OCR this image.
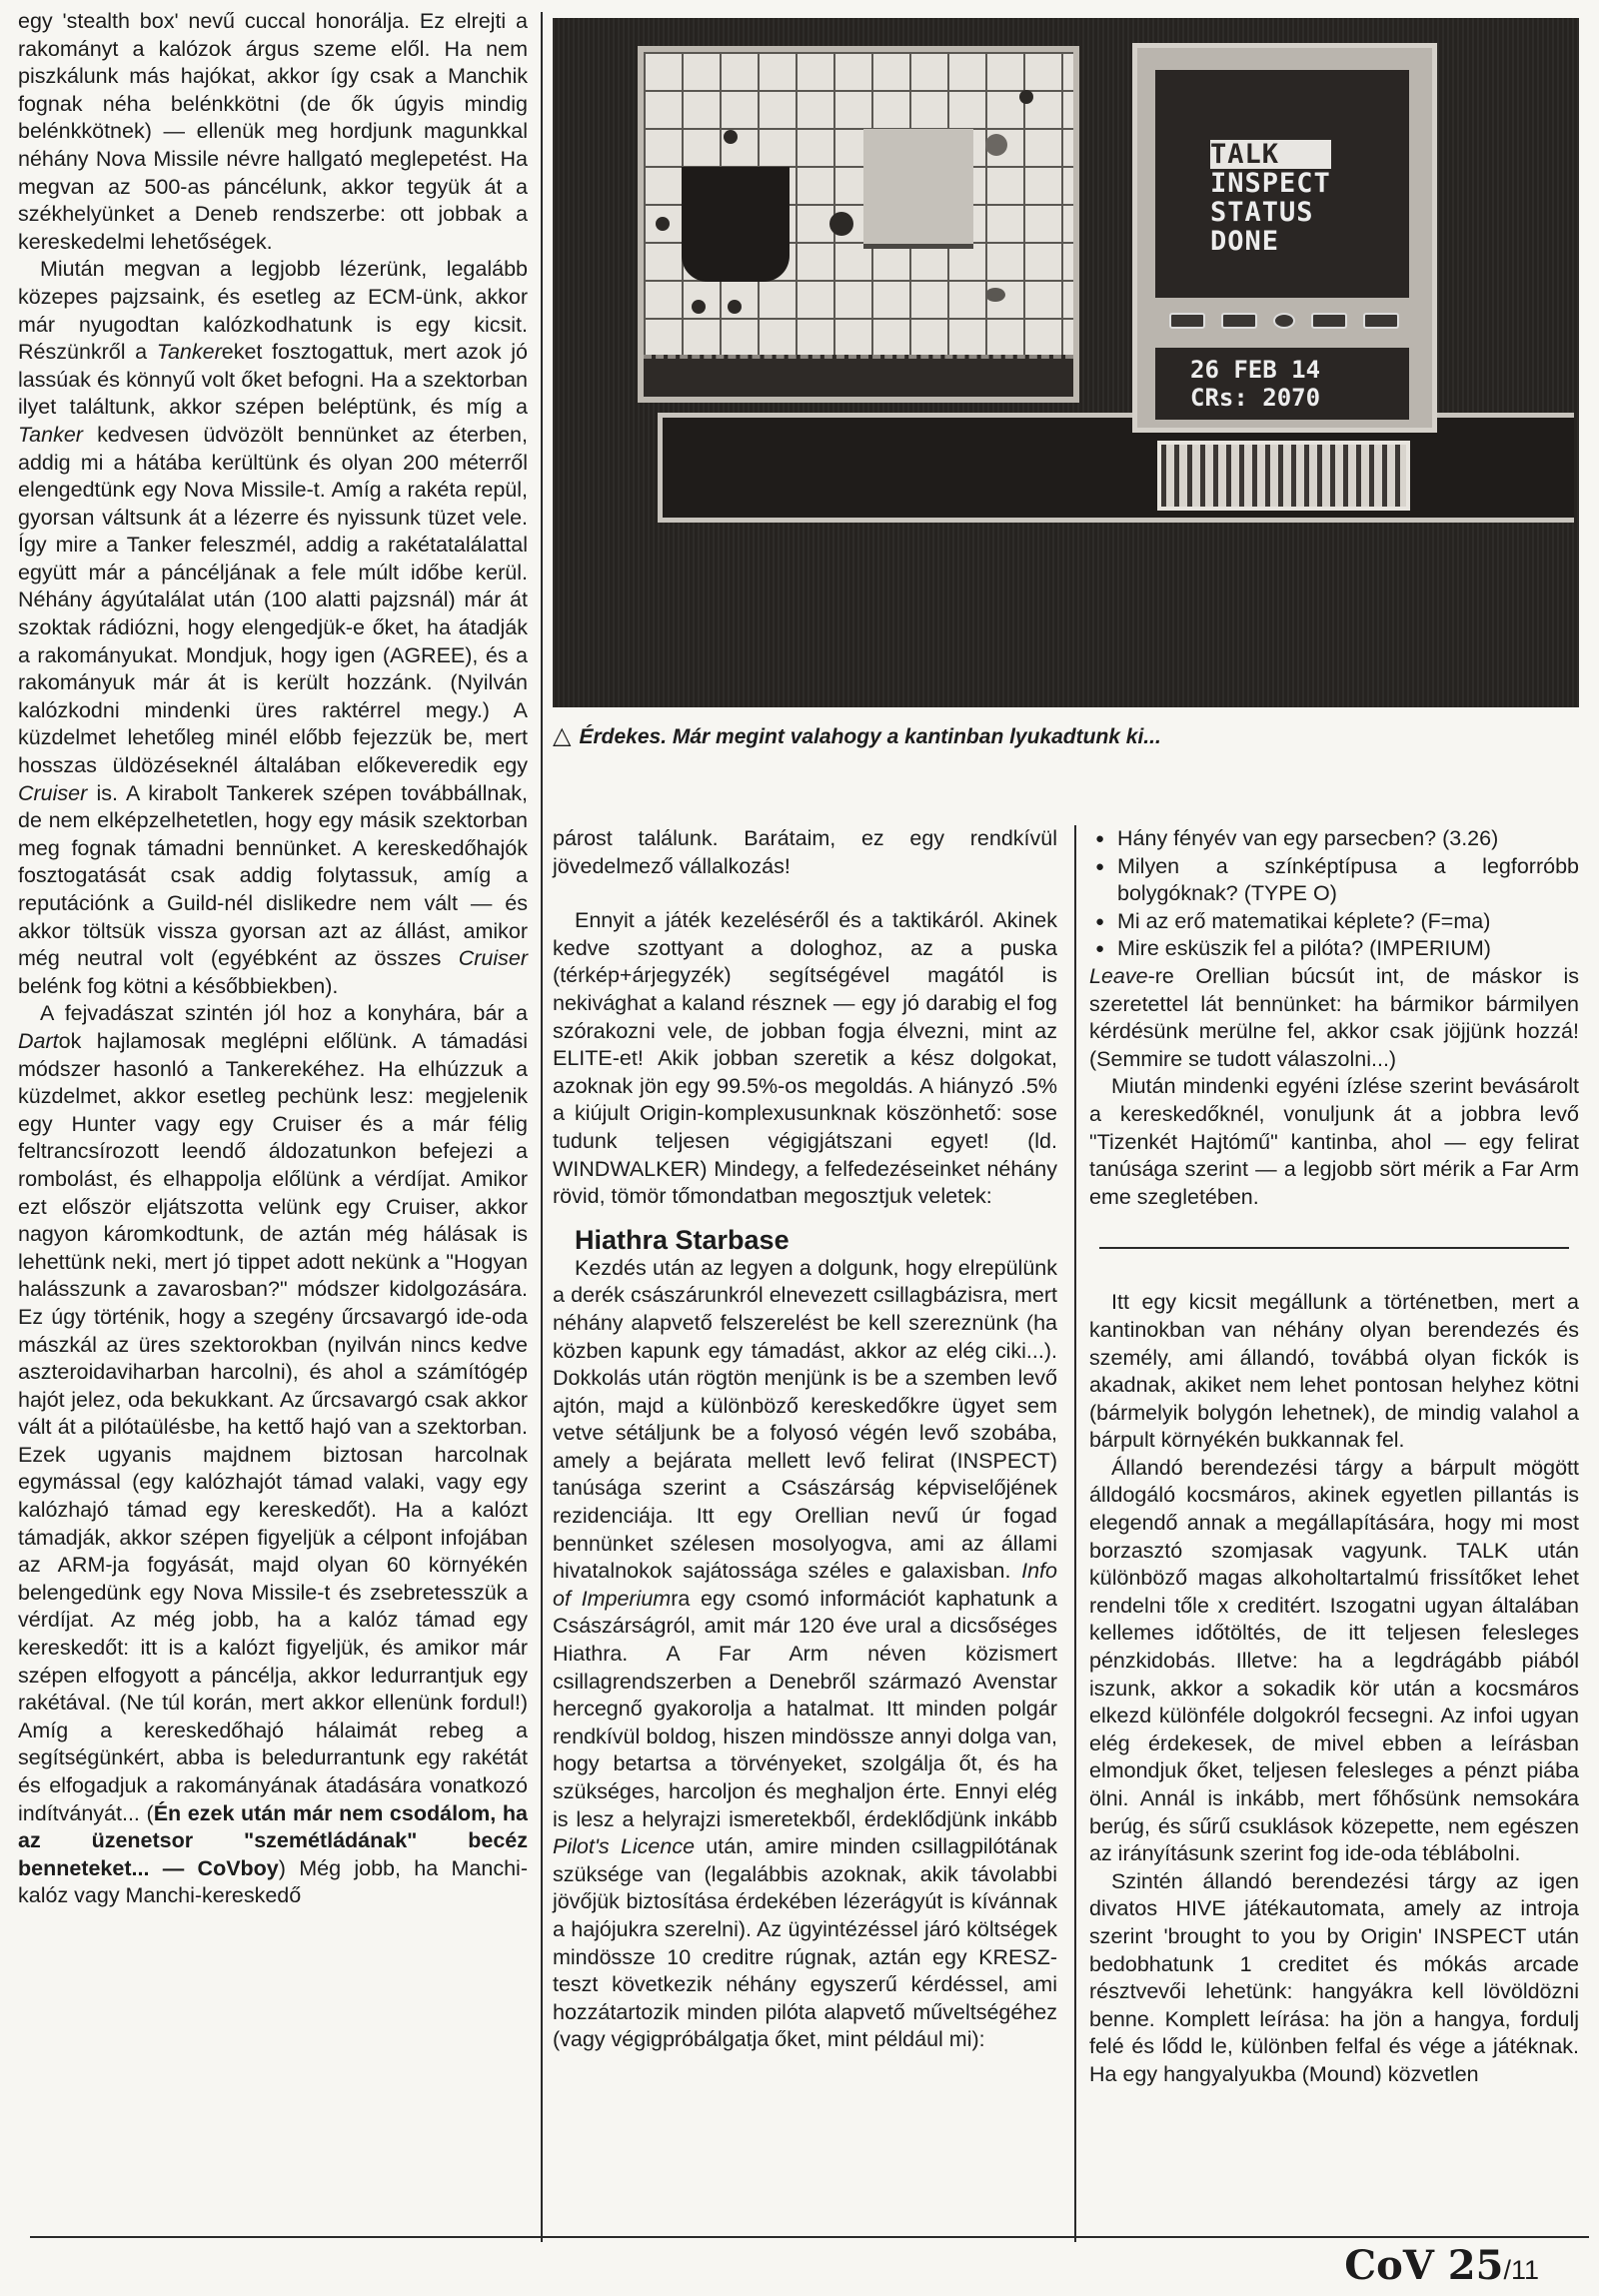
egy 'stealth box' nevű cuccal honorálja. Ez elrejti a rakományt a kalózok árgus szeme elől. Ha nem piszkálunk más hajókat, akkor így csak a Manchik fognak néha belénkkötni (de ők úgyis mindig belénkkötnek) — ellenük meg hordjunk magunkkal néhány Nova Missile névre hallgató meglepetést. Ha megvan az 500-as páncélunk, akkor tegyük át a székhelyünket a Deneb rendszerbe: ott jobbak a kereskedelmi lehetőségek.

Miután megvan a legjobb lézerünk, legalább közepes pajzsaink, és esetleg az ECM-ünk, akkor már nyugodtan kalózkodhatunk is egy kicsit. Részünkről a Tankereket fosztogattuk, mert azok jó lassúak és könnyű volt őket befogni. Ha a szektorban ilyet találtunk, akkor szépen beléptünk, és míg a Tanker kedvesen üdvözölt bennünket az éterben, addig mi a hátába kerültünk és olyan 200 méterről elengedtünk egy Nova Missile-t. Amíg a rakéta repül, gyorsan váltsunk át a lézerre és nyissunk tüzet vele. Így mire a Tanker feleszmél, addig a rakétatalálattal együtt már a páncéljának a fele múlt időbe kerül. Néhány ágyútalálat után (100 alatti pajzsnál) már át szoktak rádiózni, hogy elengedjük-e őket, ha átadják a rakományukat. Mondjuk, hogy igen (AGREE), és a rakományuk már át is került hozzánk. (Nyilván kalózkodni mindenki üres raktérrel megy.) A küzdelmet lehetőleg minél előbb fejezzük be, mert hosszas üldözéseknél általában előkeveredik egy Cruiser is. A kirabolt Tankerek szépen továbbállnak, de nem elképzelhetetlen, hogy egy másik szektorban meg fognak támadni bennünket. A kereskedőhajók fosztogatását csak addig folytassuk, amíg a reputációnk a Guild-nél dislikedre nem vált — és akkor töltsük vissza gyorsan azt az állást, amikor még neutral volt (egyébként az összes Cruiser belénk fog kötni a későbbiekben).

A fejvadászat szintén jól hoz a konyhára, bár a Dartok hajlamosak meglépni előlünk. A támadási módszer hasonló a Tankerekéhez. Ha elhúzzuk a küzdelmet, akkor esetleg pechünk lesz: megjelenik egy Hunter vagy egy Cruiser és a már félig feltrancsírozott leendő áldozatunkon befejezi a rombolást, és elhappolja előlünk a vérdíjat. Amikor ezt először eljátszotta velünk egy Cruiser, akkor nagyon káromkodtunk, de aztán még hálásak is lehettünk neki, mert jó tippet adott nekünk a "Hogyan halásszunk a zavarosban?" módszer kidolgozására. Ez úgy történik, hogy a szegény űrcsavargó ide-oda mászkál az üres szektorokban (nyilván nincs kedve aszteroidaviharban harcolni), és ahol a számítógép hajót jelez, oda bekukkant. Az űrcsavargó csak akkor vált át a pilótaülésbe, ha kettő hajó van a szektorban. Ezek ugyanis majdnem biztosan harcolnak egymással (egy kalózhajót támad valaki, vagy egy kalózhajó támad egy kereskedőt). Ha a kalózt támadják, akkor szépen figyeljük a célpont infojában az ARM-ja fogyását, majd olyan 60 környékén belengedünk egy Nova Missile-t és zsebretesszük a vérdíjat. Az még jobb, ha a kalóz támad egy kereskedőt: itt is a kalózt figyeljük, és amikor már szépen elfogyott a páncélja, akkor ledurrantjuk egy rakétával. (Ne túl korán, mert akkor ellenünk fordul!) Amíg a kereskedőhajó hálaimát rebeg a segítségünkért, abba is beledurrantunk egy rakétát és elfogadjuk a rakományának átadására vonatkozó indítványát... (Én ezek után már nem csodálom, ha az üzenetsor "szemétládának" becéz benneteket... — CoVboy) Még jobb, ha Manchi-kalóz vagy Manchi-kereskedő

TALK
INSPECT
STATUS
DONE
26 FEB 14
CRs: 2070
△ Érdekes. Már megint valahogy a kantinban lyukadtunk ki...

párost találunk. Barátaim, ez egy rendkívül jövedelmező vállalkozás!

Ennyit a játék kezeléséről és a taktikáról. Akinek kedve szottyant a dologhoz, az a puska (térkép+árjegyzék) segítségével magától is nekivághat a kaland résznek — egy jó darabig el fog szórakozni vele, de jobban fogja élvezni, mint az ELITE-et! Akik jobban szeretik a kész dolgokat, azoknak jön egy 99.5%-os megoldás. A hiányzó .5% a kiújult Origin-komplexusunknak köszönhető: sose tudunk teljesen végigjátszani egyet! (ld. WINDWALKER) Mindegy, a felfedezéseinket néhány rövid, tömör tőmondatban megosztjuk veletek:

Hiathra Starbase

Kezdés után az legyen a dolgunk, hogy elrepülünk a derék császárunkról elnevezett csillagbázisra, mert néhány alapvető felszerelést be kell szereznünk (ha közben kapunk egy támadást, akkor az elég ciki...). Dokkolás után rögtön menjünk is be a szemben levő ajtón, majd a különböző kereskedőkre ügyet sem vetve sétáljunk be a folyosó végén levő szobába, amely a bejárata mellett levő felirat (INSPECT) tanúsága szerint a Császárság képviselőjének rezidenciája. Itt egy Orellian nevű úr fogad bennünket szélesen mosolyogva, ami az állami hivatalnokok sajátossága széles e galaxisban. Info of Imperiumra egy csomó információt kaphatunk a Császárságról, amit már 120 éve ural a dicsőséges Hiathra. A Far Arm néven közismert csillagrendszerben a Denebről származó Avenstar hercegnő gyakorolja a hatalmat. Itt minden polgár rendkívül boldog, hiszen mindössze annyi dolga van, hogy betartsa a törvényeket, szolgálja őt, és ha szükséges, harcoljon és meghaljon érte. Ennyi elég is lesz a helyrajzi ismeretekből, érdeklődjünk inkább Pilot's Licence után, amire minden csillagpilótának szüksége van (legalábbis azoknak, akik távolabbi jövőjük biztosítása érdekében lézerágyút is kívánnak a hajójukra szerelni). Az ügyintézéssel járó költségek mindössze 10 creditre rúgnak, aztán egy KRESZ-teszt következik néhány egyszerű kérdéssel, ami hozzátartozik minden pilóta alapvető műveltségéhez (vagy végigpróbálgatja őket, mint például mi):

● Hány fényév van egy parsecben? (3.26)
● Milyen a színképtípusa a legforróbb bolygóknak? (TYPE O)
● Mi az erő matematikai képlete? (F=ma)
● Mire esküszik fel a pilóta? (IMPERIUM)

Leave-re Orellian búcsút int, de máskor is szeretettel lát bennünket: ha bármikor bármilyen kérdésünk merülne fel, akkor csak jöjjünk hozzá! (Semmire se tudott válaszolni...)

Miután mindenki egyéni ízlése szerint bevásárolt a kereskedőknél, vonuljunk át a jobbra levő "Tizenkét Hajtómű" kantinba, ahol — egy felirat tanúsága szerint — a legjobb sört mérik a Far Arm eme szegletében.

Itt egy kicsit megállunk a történetben, mert a kantinokban van néhány olyan berendezés és személy, ami állandó, továbbá olyan fickók is akadnak, akiket nem lehet pontosan helyhez kötni (bármelyik bolygón lehetnek), de mindig valahol a bárpult környékén bukkannak fel.

Állandó berendezési tárgy a bárpult mögött álldogáló kocsmáros, akinek egyetlen pillantás is elegendő annak a megállapítására, hogy mi most borzasztó szomjasak vagyunk. TALK után különböző magas alkoholtartalmú frissítőket lehet rendelni tőle x creditért. Iszogatni ugyan általában kellemes időtöltés, de itt teljesen felesleges pénzkidobás. Illetve: ha a legdrágább piából iszunk, akkor a sokadik kör után a kocsmáros elkezd különféle dolgokról fecsegni. Az infoi ugyan elég érdekesek, de mivel ebben a leírásban elmondjuk őket, teljesen felesleges a pénzt piába ölni. Annál is inkább, mert főhősünk nemsokára berúg, és sűrű csuklások közepette, nem egészen az irányításunk szerint fog ide-oda téblábolni.

Szintén állandó berendezési tárgy az igen divatos HIVE játékautomata, amely az introja szerint 'brought to you by Origin' INSPECT után bedobhatunk 1 creditet és mókás arcade résztvevői lehetünk: hangyákra kell lövöldözni benne. Komplett leírása: ha jön a hangya, fordulj felé és lődd le, különben felfal és vége a játéknak. Ha egy hangyalyukba (Mound) közvetlen

CoV 25/11
